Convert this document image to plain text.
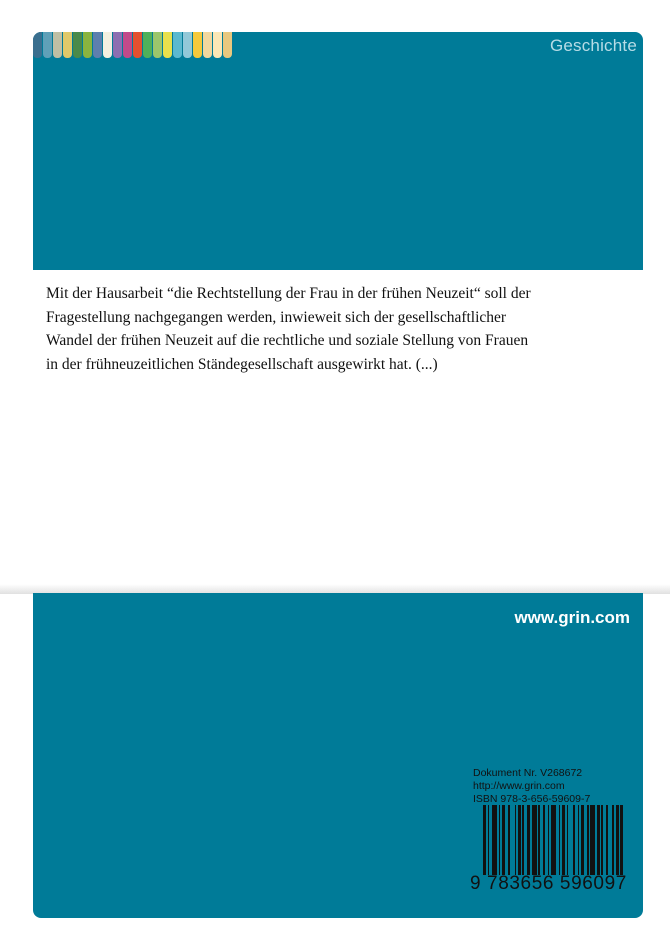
Geschichte
Mit der Hausarbeit “die Rechtstellung der Frau in der frühen Neuzeit“ soll der
Fragestellung nachgegangen werden, inwieweit sich der gesellschaftlicher
Wandel der frühen Neuzeit auf die rechtliche und soziale Stellung von Frauen
in der frühneuzeitlichen Ständegesellschaft ausgewirkt hat. (...)
www.grin.com
Dokument Nr. V268672
http://www.grin.com
ISBN 978-3-656-59609-7
9 783656 596097
